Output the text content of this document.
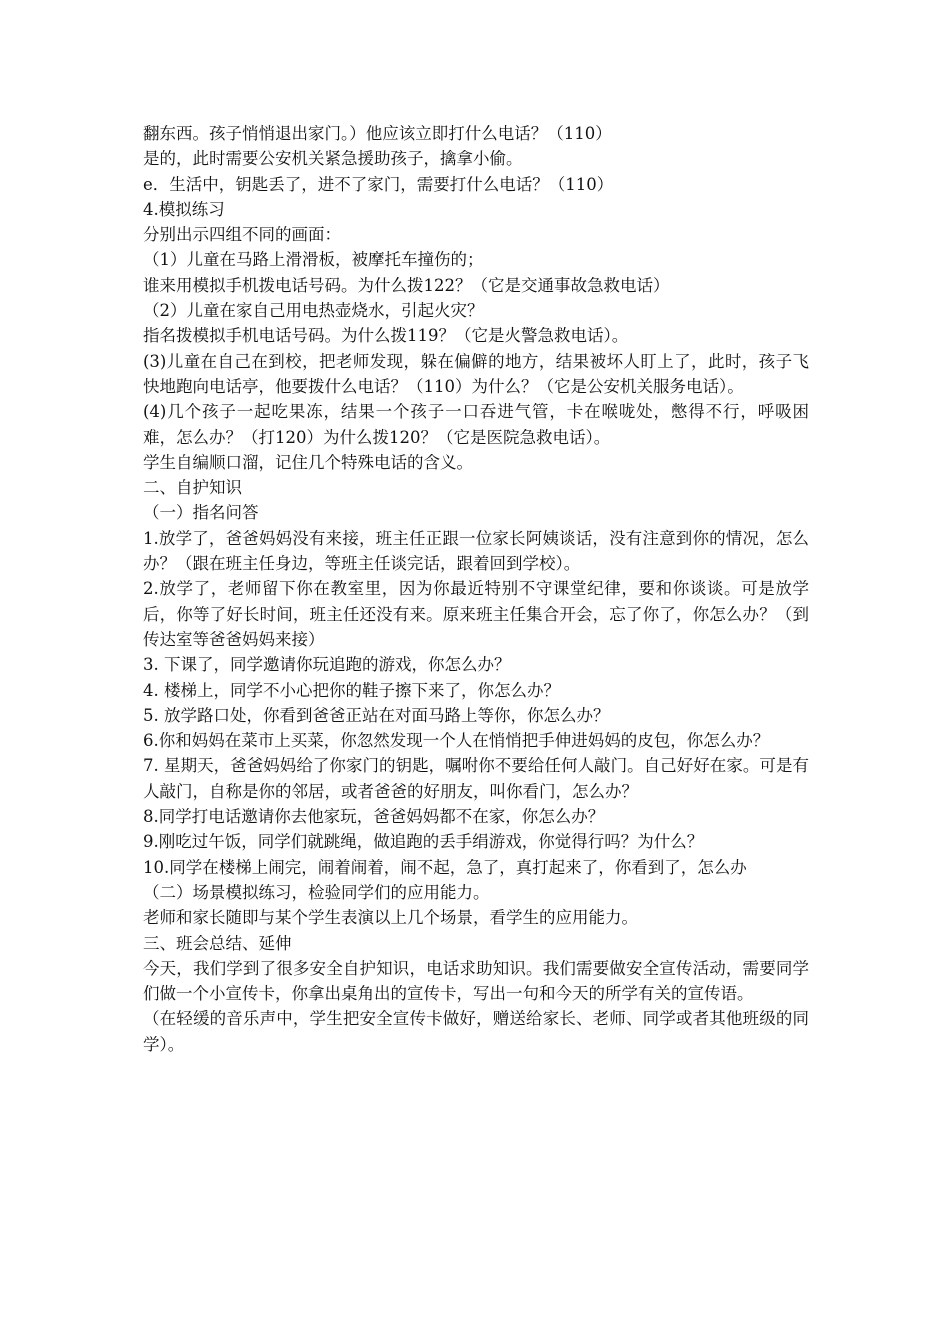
翻东西。孩子悄悄退出家门。）他应该立即打什么电话？（110）

是的，此时需要公安机关紧急援助孩子，擒拿小偷。

e．生活中，钥匙丢了，进不了家门，需要打什么电话？（110）

4.模拟练习

分别出示四组不同的画面：

（1）儿童在马路上滑滑板，被摩托车撞伤的；

谁来用模拟手机拨电话号码。为什么拨122？（它是交通事故急救电话）

（2）儿童在家自己用电热壶烧水，引起火灾？

指名拨模拟手机电话号码。为什么拨119？（它是火警急救电话）。

(3)儿童在自己在到校，把老师发现，躲在偏僻的地方，结果被坏人盯上了，此时，孩子飞快地跑向电话亭，他要拨什么电话？（110）为什么？（它是公安机关服务电话）。

(4)几个孩子一起吃果冻，结果一个孩子一口吞进气管，卡在喉咙处，憋得不行，呼吸困难，怎么办？（打120）为什么拨120？（它是医院急救电话）。

学生自编顺口溜，记住几个特殊电话的含义。

二、自护知识

（一）指名问答

1.放学了，爸爸妈妈没有来接，班主任正跟一位家长阿姨谈话，没有注意到你的情况，怎么办？（跟在班主任身边，等班主任谈完话，跟着回到学校）。

2.放学了，老师留下你在教室里，因为你最近特别不守课堂纪律，要和你谈谈。可是放学后，你等了好长时间，班主任还没有来。原来班主任集合开会，忘了你了，你怎么办？（到传达室等爸爸妈妈来接）

3. 下课了，同学邀请你玩追跑的游戏，你怎么办？

4. 楼梯上，同学不小心把你的鞋子擦下来了，你怎么办？

5. 放学路口处，你看到爸爸正站在对面马路上等你，你怎么办？

6.你和妈妈在菜市上买菜，你忽然发现一个人在悄悄把手伸进妈妈的皮包，你怎么办？

7. 星期天，爸爸妈妈给了你家门的钥匙，嘱咐你不要给任何人敲门。自己好好在家。可是有人敲门，自称是你的邻居，或者爸爸的好朋友，叫你看门，怎么办？

8.同学打电话邀请你去他家玩，爸爸妈妈都不在家，你怎么办？

9.刚吃过午饭，同学们就跳绳，做追跑的丢手绢游戏，你觉得行吗？为什么？

10.同学在楼梯上闹完，闹着闹着，闹不起，急了，真打起来了，你看到了，怎么办

（二）场景模拟练习，检验同学们的应用能力。

老师和家长随即与某个学生表演以上几个场景，看学生的应用能力。

三、班会总结、延伸

今天，我们学到了很多安全自护知识，电话求助知识。我们需要做安全宣传活动，需要同学们做一个小宣传卡，你拿出桌角出的宣传卡，写出一句和今天的所学有关的宣传语。

（在轻缓的音乐声中，学生把安全宣传卡做好，赠送给家长、老师、同学或者其他班级的同学）。
